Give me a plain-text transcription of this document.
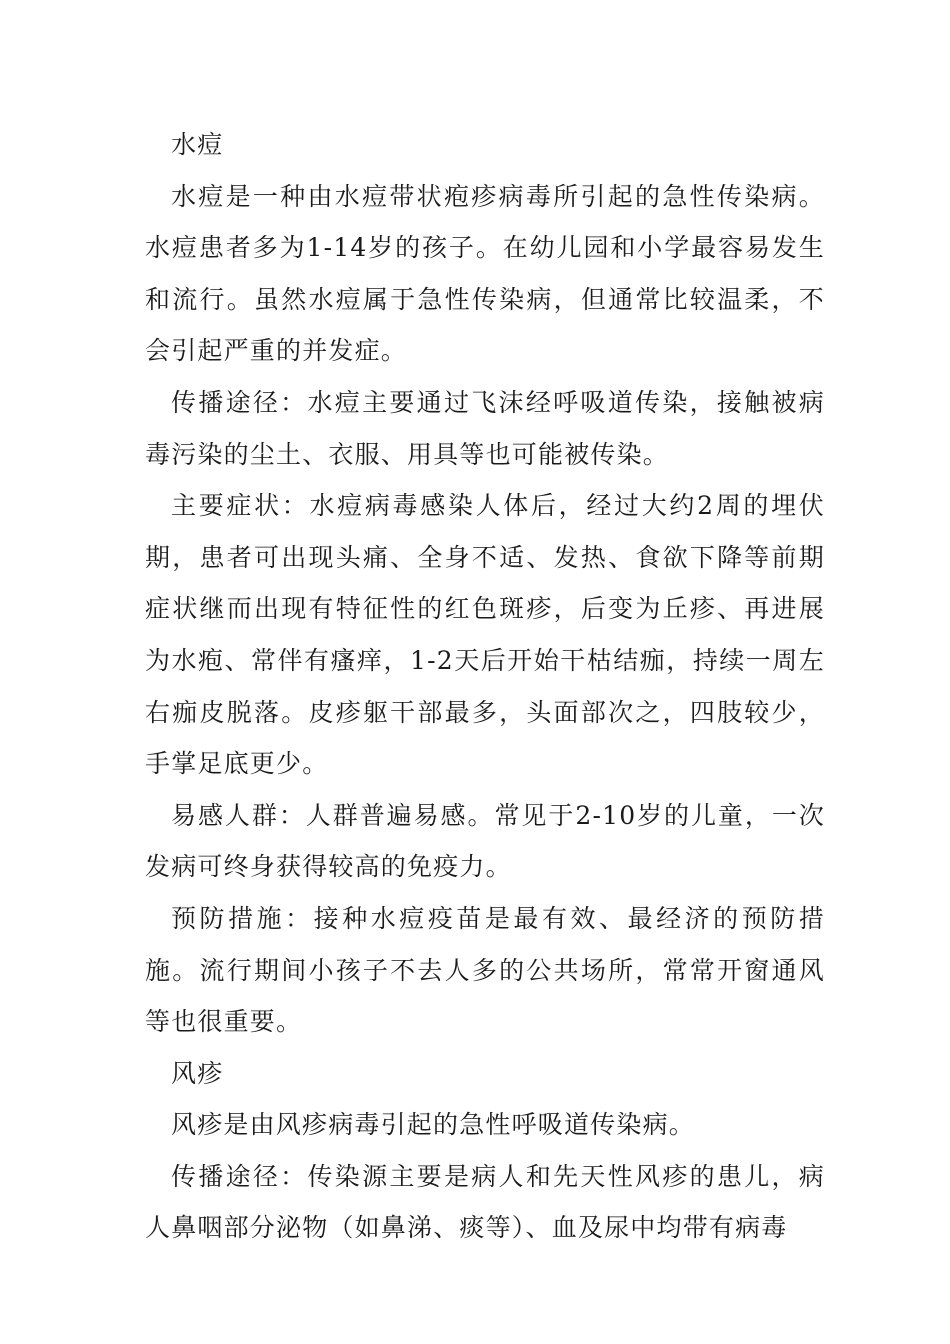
水痘

水痘是一种由水痘带状疱疹病毒所引起的急性传染病。水痘患者多为1-14岁的孩子。在幼儿园和小学最容易发生和流行。虽然水痘属于急性传染病，但通常比较温柔，不会引起严重的并发症。

传播途径：水痘主要通过飞沫经呼吸道传染，接触被病毒污染的尘土、衣服、用具等也可能被传染。

主要症状：水痘病毒感染人体后，经过大约2周的埋伏期，患者可出现头痛、全身不适、发热、食欲下降等前期症状继而出现有特征性的红色斑疹，后变为丘疹、再进展为水疱、常伴有瘙痒，1-2天后开始干枯结痂，持续一周左右痂皮脱落。皮疹躯干部最多，头面部次之，四肢较少，手掌足底更少。

易感人群：人群普遍易感。常见于2-10岁的儿童，一次发病可终身获得较高的免疫力。

预防措施：接种水痘疫苗是最有效、最经济的预防措施。流行期间小孩子不去人多的公共场所，常常开窗通风等也很重要。

风疹

风疹是由风疹病毒引起的急性呼吸道传染病。

传播途径：传染源主要是病人和先天性风疹的患儿，病人鼻咽部分泌物（如鼻涕、痰等）、血及尿中均带有病毒
